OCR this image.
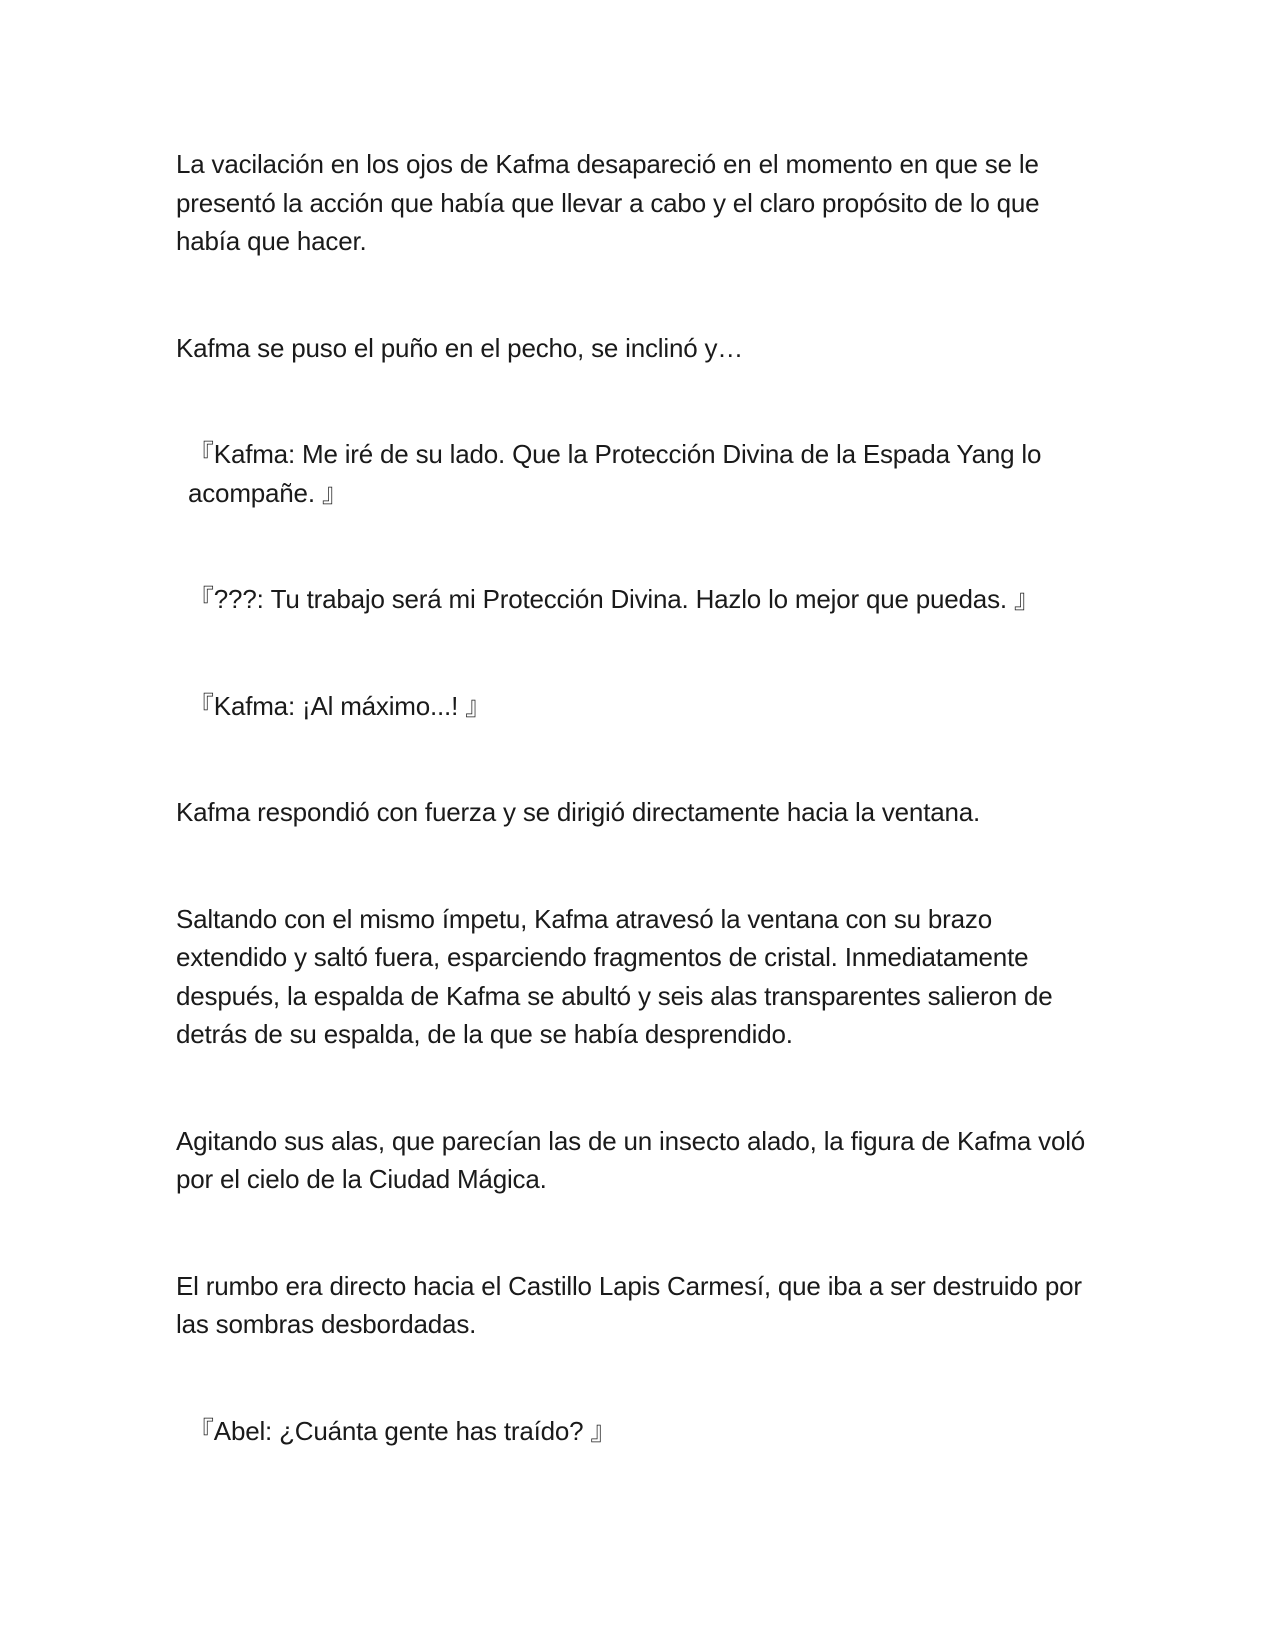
La vacilación en los ojos de Kafma desapareció en el momento en que se le presentó la acción que había que llevar a cabo y el claro propósito de lo que había que hacer.

Kafma se puso el puño en el pecho, se inclinó y…

『Kafma: Me iré de su lado. Que la Protección Divina de la Espada Yang lo acompañe. 』

『???: Tu trabajo será mi Protección Divina. Hazlo lo mejor que puedas. 』

『Kafma: ¡Al máximo...! 』

Kafma respondió con fuerza y se dirigió directamente hacia la ventana.

Saltando con el mismo ímpetu, Kafma atravesó la ventana con su brazo extendido y saltó fuera, esparciendo fragmentos de cristal. Inmediatamente después, la espalda de Kafma se abultó y seis alas transparentes salieron de detrás de su espalda, de la que se había desprendido.

Agitando sus alas, que parecían las de un insecto alado, la figura de Kafma voló por el cielo de la Ciudad Mágica.

El rumbo era directo hacia el Castillo Lapis Carmesí, que iba a ser destruido por las sombras desbordadas.

『Abel: ¿Cuánta gente has traído? 』
